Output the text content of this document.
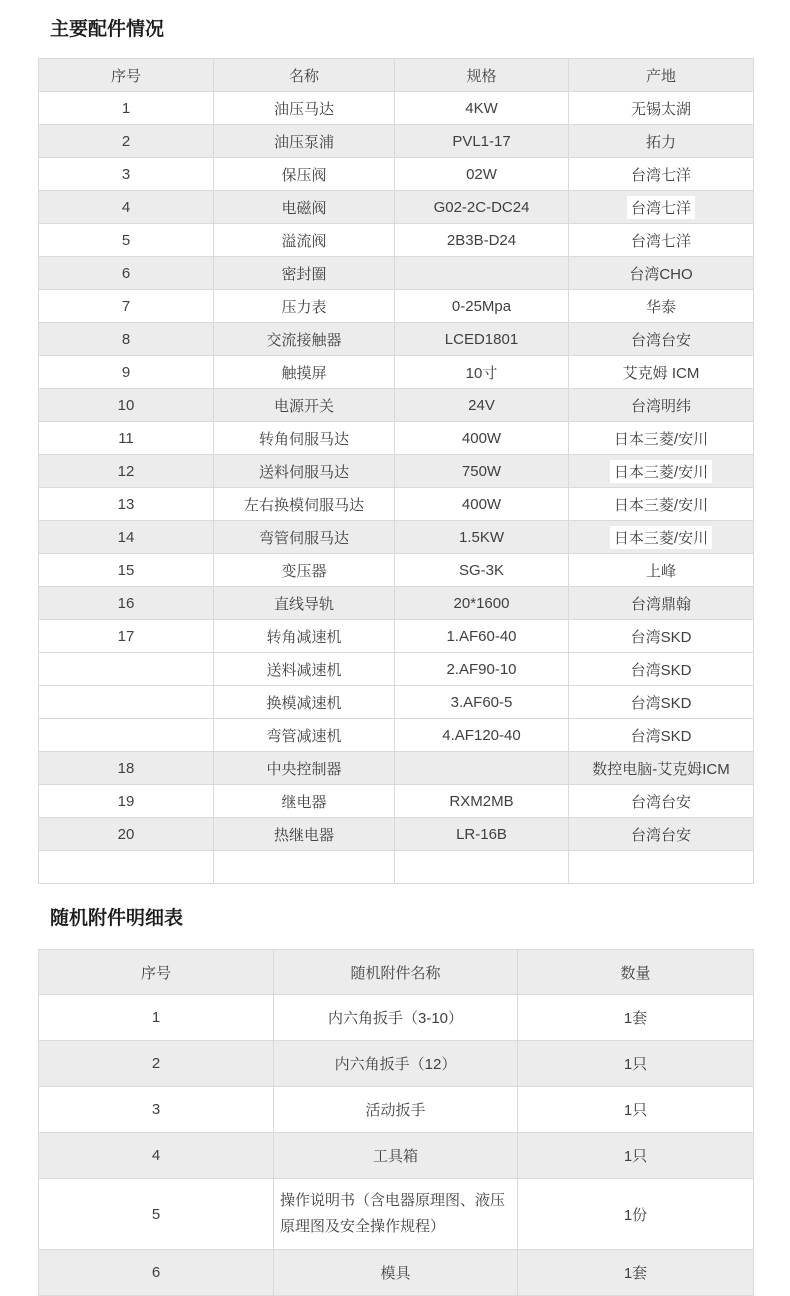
主要配件情况
序号	名称	规格	产地
1	油压马达	4KW	无锡太湖
2	油压泵浦	PVL1-17	拓力
3	保压阀	02W	台湾七洋
4	电磁阀	G02-2C-DC24	台湾七洋
5	溢流阀	2B3B-D24	台湾七洋
6	密封圈		台湾CHO
7	压力表	0-25Mpa	华泰
8	交流接触器	LCED1801	台湾台安
9	触摸屏	10寸	艾克姆 ICM
10	电源开关	24V	台湾明纬
11	转角伺服马达	400W	日本三菱/安川
12	送料伺服马达	750W	日本三菱/安川
13	左右换模伺服马达	400W	日本三菱/安川
14	弯管伺服马达	1.5KW	日本三菱/安川
15	变压器	SG-3K	上峰
16	直线导轨	20*1600	台湾鼎翰
17	转角减速机	1.AF60-40	台湾SKD
	送料减速机	2.AF90-10	台湾SKD
	换模减速机	3.AF60-5	台湾SKD
	弯管减速机	4.AF120-40	台湾SKD
18	中央控制器		数控电脑-艾克姆ICM
19	继电器	RXM2MB	台湾台安
20	热继电器	LR-16B	台湾台安

随机附件明细表
序号	随机附件名称	数量
1	内六角扳手（3-10）	1套
2	内六角扳手（12）	1只
3	活动扳手	1只
4	工具箱	1只
5	操作说明书（含电器原理图、液压原理图及安全操作规程）	1份
6	模具	1套
